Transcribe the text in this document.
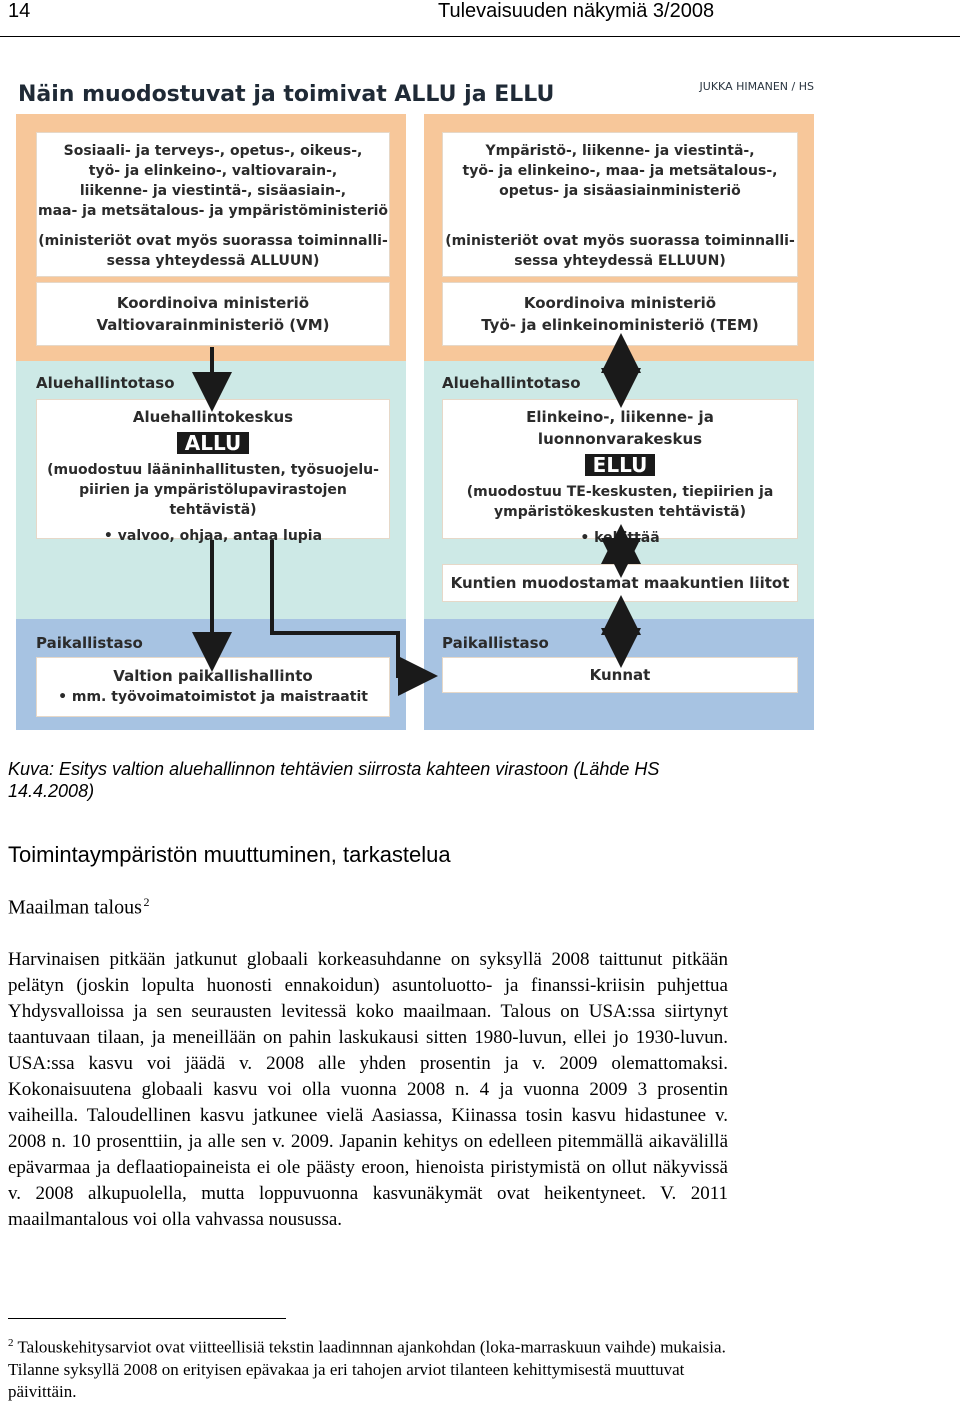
14	Tulevaisuuden näkymiä 3/2008
Näin muodostuvat ja toimivat ALLU ja ELLU	JUKKA HIMANEN / HS
Sosiaali- ja terveys-, opetus-, oikeus-,
työ- ja elinkeino-, valtiovarain-,
liikenne- ja viestintä-, sisäasiain-,
maa- ja metsätalous- ja ympäristöministeriö
(ministeriöt ovat myös suorassa toiminnalli-
sessa yhteydessä ALLUUN)
Koordinoiva ministeriö
Valtiovarainministeriö (VM)
Aluehallintotaso
Aluehallintokeskus
ALLU
(muodostuu lääninhallitusten, työsuojelu-
piirien ja ympäristölupavirastojen tehtävistä)
• valvoo, ohjaa, antaa lupia
Paikallistaso
Valtion paikallishallinto
• mm. työvoimatoimistot ja maistraatit
Ympäristö-, liikenne- ja viestintä-,
työ- ja elinkeino-, maa- ja metsätalous-,
opetus- ja sisäasiainministeriö
(ministeriöt ovat myös suorassa toiminnalli-
sessa yhteydessä ELLUUN)
Koordinoiva ministeriö
Työ- ja elinkeinoministeriö (TEM)
Aluehallintotaso
Elinkeino-, liikenne- ja luonnonvarakeskus
ELLU
(muodostuu TE-keskusten, tiepiirien ja
ympäristökeskusten tehtävistä)
• kehittää
Kuntien muodostamat maakuntien liitot
Paikallistaso
Kunnat
Kuva: Esitys valtion aluehallinnon tehtävien siirrosta kahteen virastoon (Lähde HS 14.4.2008)
Toimintaympäristön muuttuminen, tarkastelua
Maailman talous  $^2$
Harvinaisen pitkään jatkunut globaali korkeasuhdanne on syksyllä 2008 taittunut pitkään pelätyn (joskin lopulta huonosti ennakoidun) asuntoluotto- ja finanssi-kriisin puhjettua Yhdysvalloissa ja sen seurausten levitessä koko maailmaan. Talous on USA:ssa siirtynyt taantuvaan tilaan, ja meneillään on pahin laskukausi sitten 1980-luvun, ellei jo 1930-luvun. USA:ssa kasvu voi jäädä v. 2008 alle yhden prosentin ja v. 2009 olemattomaksi. Kokonaisuutena globaali kasvu voi olla vuonna 2008 n. 4 ja vuonna 2009 3 prosentin vaiheilla. Taloudellinen kasvu jatkunee vielä Aasiassa, Kiinassa tosin kasvu hidastunee v. 2008 n. 10 prosenttiin, ja alle sen v. 2009. Japanin kehitys on edelleen pitemmällä aikavälillä epävarmaa ja deflaatiopaineista ei ole päästy eroon, hienoista piristymistä on ollut näkyvissä v. 2008 alkupuolella, mutta loppuvuonna kasvunäkymät ovat heikentyneet. V. 2011 maailmantalous voi olla vahvassa nousussa.
$^2$ Talouskehitysarviot ovat viitteellisiä tekstin laadinnnan ajankohdan (loka-marraskuun vaihde) mukaisia. Tilanne syksyllä 2008 on erityisen epävakaa ja eri tahojen arviot tilanteen kehittymisestä muuttuvat päivittäin.
